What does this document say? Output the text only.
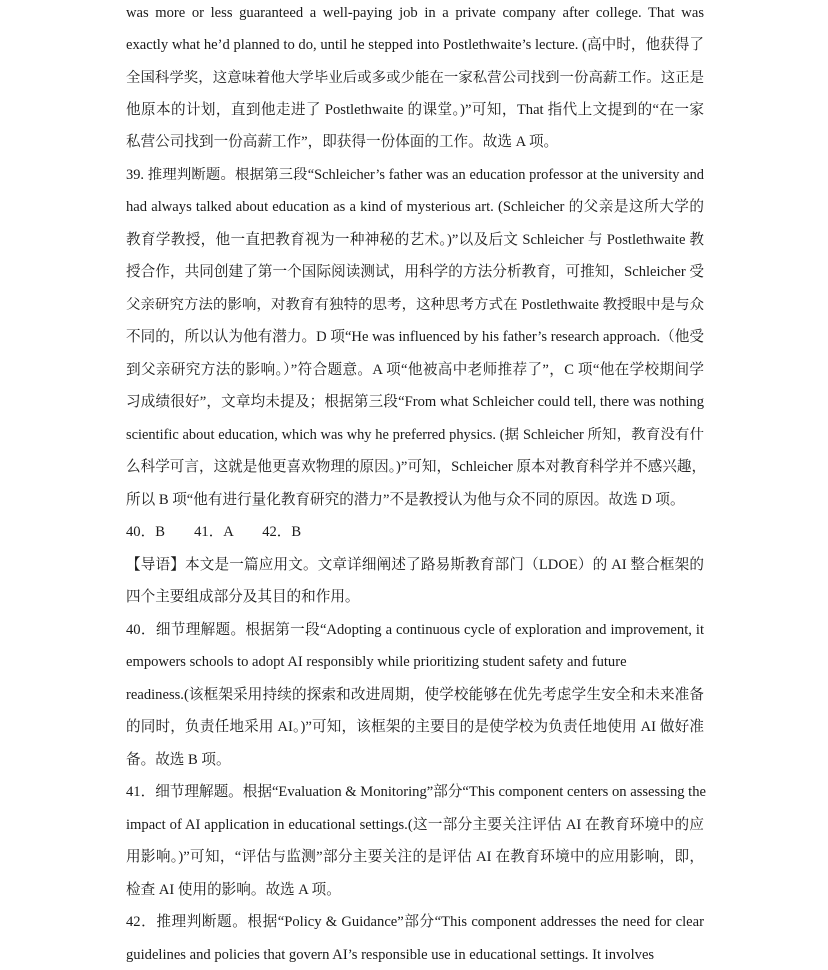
was more or less guaranteed a well-paying job in a private company after college. That was
exactly what he’d planned to do, until he stepped into Postlethwaite’s lecture. (高中时，他获得了
全国科学奖，这意味着他大学毕业后或多或少能在一家私营公司找到一份高薪工作。这正是
他原本的计划，直到他走进了 Postlethwaite 的课堂。)”可知，That 指代上文提到的“在一家
私营公司找到一份高薪工作”，即获得一份体面的工作。故选 A 项。
39. 推理判断题。根据第三段“Schleicher’s father was an education professor at the university and
had always talked about education as a kind of mysterious art. (Schleicher 的父亲是这所大学的
教育学教授，他一直把教育视为一种神秘的艺术。)”以及后文 Schleicher 与 Postlethwaite 教
授合作，共同创建了第一个国际阅读测试，用科学的方法分析教育，可推知，Schleicher 受
父亲研究方法的影响，对教育有独特的思考，这种思考方式在 Postlethwaite 教授眼中是与众
不同的，所以认为他有潜力。D 项“He was influenced by his father’s research approach.（他受
到父亲研究方法的影响。）”符合题意。A 项“他被高中老师推荐了”，C 项“他在学校期间学
习成绩很好”，文章均未提及；根据第三段“From what Schleicher could tell, there was nothing
scientific about education, which was why he preferred physics. (据 Schleicher 所知，教育没有什
么科学可言，这就是他更喜欢物理的原因。)”可知，Schleicher 原本对教育科学并不感兴趣，
所以 B 项“他有进行量化教育研究的潜力”不是教授认为他与众不同的原因。故选 D 项。
40．B　　41．A　　42．B
【导语】本文是一篇应用文。文章详细阐述了路易斯教育部门（LDOE）的 AI 整合框架的
四个主要组成部分及其目的和作用。
40．细节理解题。根据第一段“Adopting a continuous cycle of exploration and improvement, it
empowers schools to adopt AI responsibly while prioritizing student safety and future
readiness.(该框架采用持续的探索和改进周期，使学校能够在优先考虑学生安全和未来准备
的同时，负责任地采用 AI。)”可知，该框架的主要目的是使学校为负责任地使用 AI 做好准
备。故选 B 项。
41．细节理解题。根据“Evaluation & Monitoring”部分“This component centers on assessing the
impact of AI application in educational settings.(这一部分主要关注评估 AI 在教育环境中的应
用影响。)”可知，“评估与监测”部分主要关注的是评估 AI 在教育环境中的应用影响，即，
检查 AI 使用的影响。故选 A 项。
42．推理判断题。根据“Policy & Guidance”部分“This component addresses the need for clear
guidelines and policies that govern AI’s responsible use in educational settings. It involves
